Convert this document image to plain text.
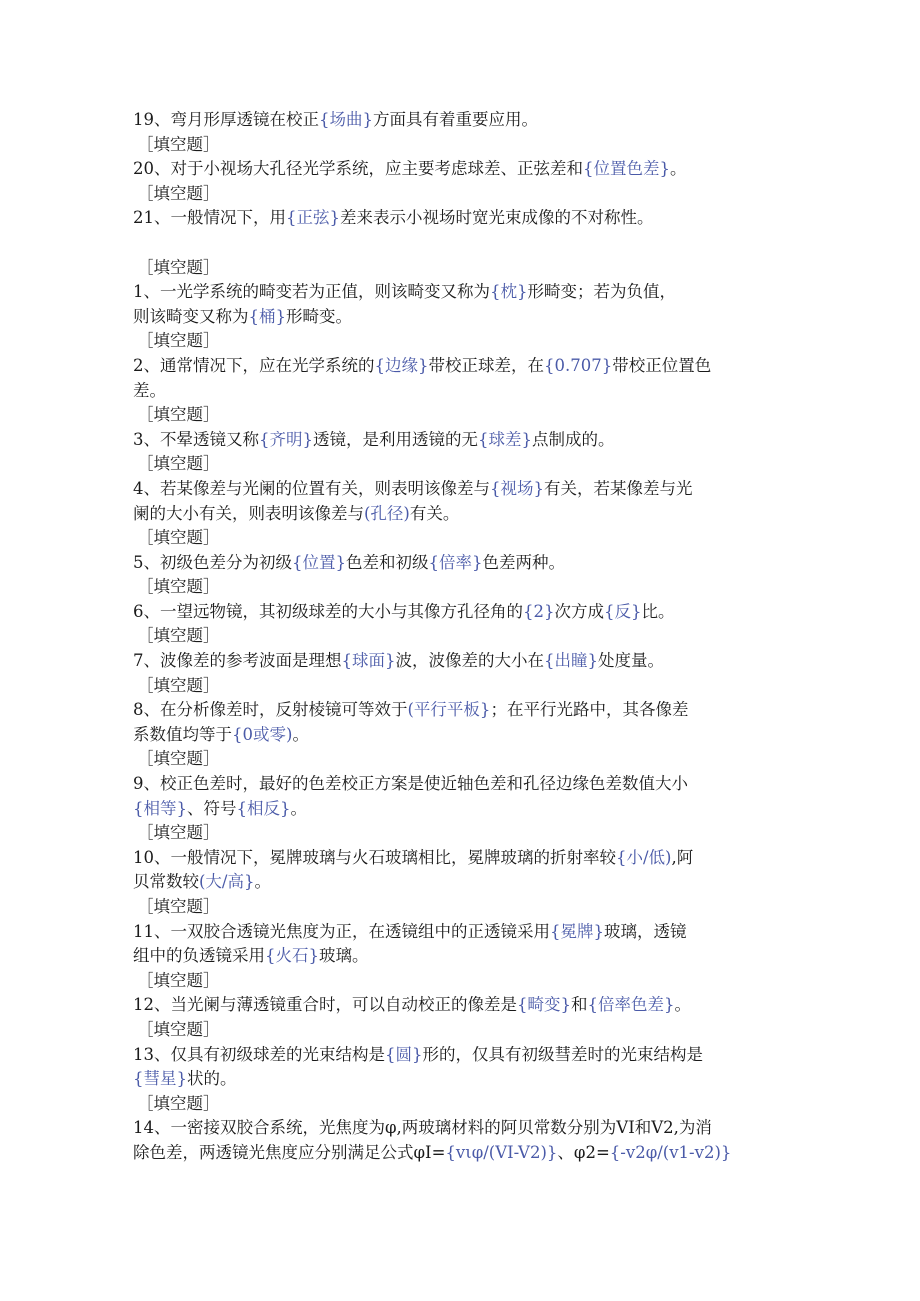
19、弯月形厚透镜在校正{场曲}方面具有着重要应用。
［填空题］
20、对于小视场大孔径光学系统，应主要考虑球差、正弦差和{位置色差}。
［填空题］
21、一般情况下，用{正弦}差来表示小视场时宽光束成像的不对称性。
［填空题］
1、一光学系统的畸变若为正值，则该畸变又称为{枕}形畸变；若为负值，
则该畸变又称为{桶}形畸变。
［填空题］
2、通常情况下，应在光学系统的{边缘}带校正球差，在{0.707}带校正位置色
差。
［填空题］
3、不晕透镜又称{齐明}透镜，是利用透镜的无{球差}点制成的。
［填空题］
4、若某像差与光阑的位置有关，则表明该像差与{视场}有关，若某像差与光
阑的大小有关，则表明该像差与(孔径)有关。
［填空题］
5、初级色差分为初级{位置}色差和初级{倍率}色差两种。
［填空题］
6、一望远物镜，其初级球差的大小与其像方孔径角的{2}次方成{反}比。
［填空题］
7、波像差的参考波面是理想{球面}波，波像差的大小在{出瞳}处度量。
［填空题］
8、在分析像差时，反射棱镜可等效于(平行平板}；在平行光路中，其各像差
系数值均等于{0或零)。
［填空题］
9、校正色差时，最好的色差校正方案是使近轴色差和孔径边缘色差数值大小
{相等}、符号{相反}。
［填空题］
10、一般情况下，冕牌玻璃与火石玻璃相比，冕牌玻璃的折射率较{小/低),阿
贝常数较(大/高}。
［填空题］
11、一双胶合透镜光焦度为正，在透镜组中的正透镜采用{冕牌}玻璃，透镜
组中的负透镜采用{火石}玻璃。
［填空题］
12、当光阑与薄透镜重合时，可以自动校正的像差是{畸变}和{倍率色差}。
［填空题］
13、仅具有初级球差的光束结构是{圆}形的，仅具有初级彗差时的光束结构是
{彗星}状的。
［填空题］
14、一密接双胶合系统，光焦度为φ,两玻璃材料的阿贝常数分别为VI和V2,为消
除色差，两透镜光焦度应分别满足公式φI={vιφ/(VI-V2)}、φ2={-v2φ/(v1-v2)}
